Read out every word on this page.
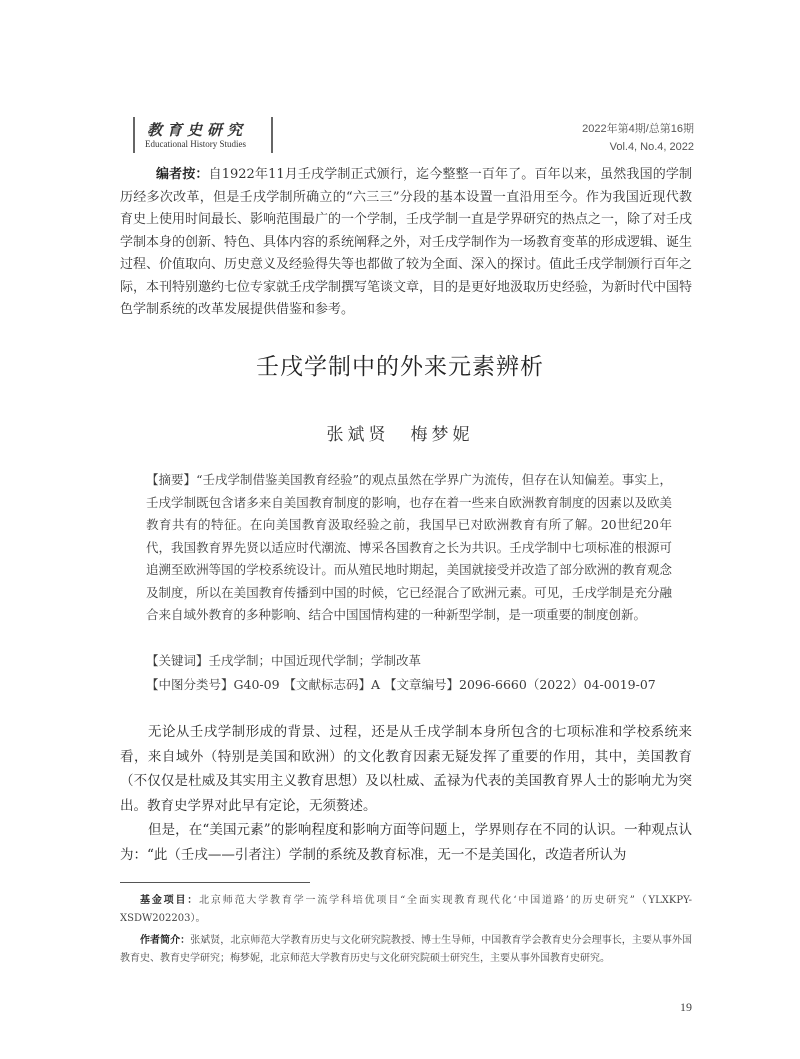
教育史研究
Educational History Studies
2022年第4期/总第16期
Vol.4, No.4, 2022
编者按：自1922年11月壬戌学制正式颁行，迄今整整一百年了。百年以来，虽然我国的学制历经多次改革，但是壬戌学制所确立的“六三三”分段的基本设置一直沿用至今。作为我国近现代教育史上使用时间最长、影响范围最广的一个学制，壬戌学制一直是学界研究的热点之一，除了对壬戌学制本身的创新、特色、具体内容的系统阐释之外，对壬戌学制作为一场教育变革的形成逻辑、诞生过程、价值取向、历史意义及经验得失等也都做了较为全面、深入的探讨。值此壬戌学制颁行百年之际，本刊特别邀约七位专家就壬戌学制撰写笔谈文章，目的是更好地汲取历史经验，为新时代中国特色学制系统的改革发展提供借鉴和参考。
壬戌学制中的外来元素辨析
张斌贤　梅梦妮
【摘要】“壬戌学制借鉴美国教育经验”的观点虽然在学界广为流传，但存在认知偏差。事实上，壬戌学制既包含诸多来自美国教育制度的影响，也存在着一些来自欧洲教育制度的因素以及欧美教育共有的特征。在向美国教育汲取经验之前，我国早已对欧洲教育有所了解。20世纪20年代，我国教育界先贤以适应时代潮流、博采各国教育之长为共识。壬戌学制中七项标准的根源可追溯至欧洲等国的学校系统设计。而从殖民地时期起，美国就接受并改造了部分欧洲的教育观念及制度，所以在美国教育传播到中国的时候，它已经混合了欧洲元素。可见，壬戌学制是充分融合来自域外教育的多种影响、结合中国国情构建的一种新型学制，是一项重要的制度创新。
【关键词】壬戌学制；中国近现代学制；学制改革
【中图分类号】G40-09 【文献标志码】A 【文章编号】2096-6660（2022）04-0019-07

无论从壬戌学制形成的背景、过程，还是从壬戌学制本身所包含的七项标准和学校系统来看，来自域外（特别是美国和欧洲）的文化教育因素无疑发挥了重要的作用，其中，美国教育（不仅仅是杜威及其实用主义教育思想）及以杜威、孟禄为代表的美国教育界人士的影响尤为突出。教育史学界对此早有定论，无须赘述。

但是，在“美国元素”的影响程度和影响方面等问题上，学界则存在不同的认识。一种观点认为：“此（壬戌——引者注）学制的系统及教育标准，无一不是美国化，改造者所认为

基金项目：北京师范大学教育学一流学科培优项目“全面实现教育现代化‘中国道路’的历史研究”（YLXKPY-XSDW202203）。

作者简介：张斌贤，北京师范大学教育历史与文化研究院教授、博士生导师，中国教育学会教育史分会理事长，主要从事外国教育史、教育史学研究；梅梦妮，北京师范大学教育历史与文化研究院硕士研究生，主要从事外国教育史研究。

19
